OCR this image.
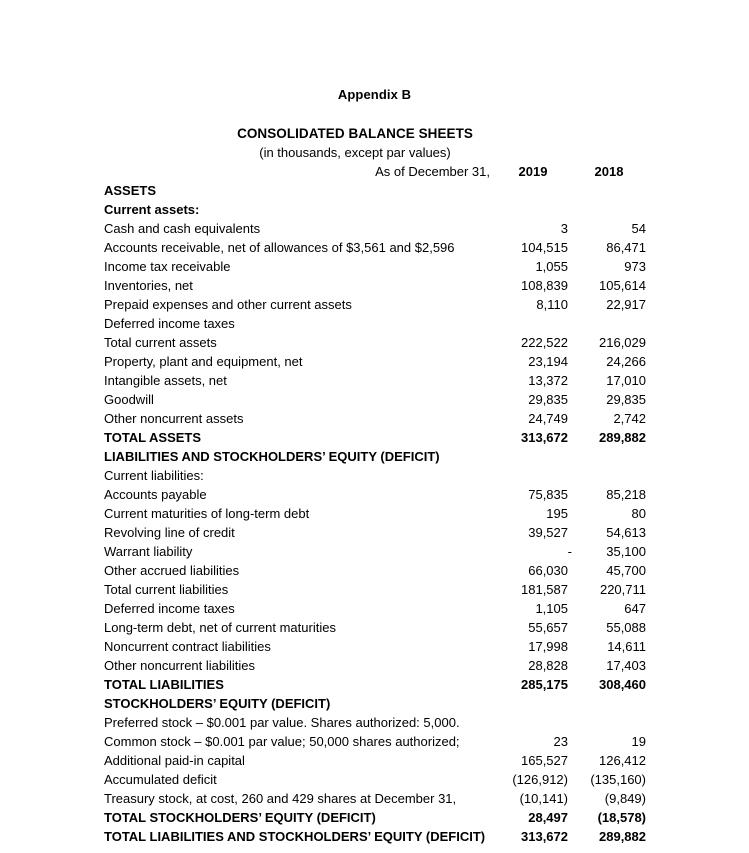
Appendix B
CONSOLIDATED BALANCE SHEETS
(in thousands, except par values)
As of December 31,	2019	2018
ASSETS		
Current assets:		
Cash and cash equivalents	3	54
Accounts receivable, net of allowances of $3,561 and $2,596	104,515	86,471
Income tax receivable	1,055	973
Inventories, net	108,839	105,614
Prepaid expenses and other current assets	8,110	22,917
Deferred income taxes		
Total current assets	222,522	216,029
Property, plant and equipment, net	23,194	24,266
Intangible assets, net	13,372	17,010
Goodwill	29,835	29,835
Other noncurrent assets	24,749	2,742
TOTAL ASSETS	313,672	289,882
LIABILITIES AND STOCKHOLDERS’ EQUITY (DEFICIT)		
Current liabilities:		
Accounts payable	75,835	85,218
Current maturities of long-term debt	195	80
Revolving line of credit	39,527	54,613
Warrant liability	-	35,100
Other accrued liabilities	66,030	45,700
Total current liabilities	181,587	220,711
Deferred income taxes	1,105	647
Long-term debt, net of current maturities	55,657	55,088
Noncurrent contract liabilities	17,998	14,611
Other noncurrent liabilities	28,828	17,403
TOTAL LIABILITIES	285,175	308,460
STOCKHOLDERS’ EQUITY (DEFICIT)		
Preferred stock – $0.001 par value. Shares authorized: 5,000.		
Common stock – $0.001 par value; 50,000 shares authorized;	23	19
Additional paid-in capital	165,527	126,412
Accumulated deficit	(126,912)	(135,160)
Treasury stock, at cost, 260 and 429 shares at December 31,	(10,141)	(9,849)
TOTAL STOCKHOLDERS’ EQUITY (DEFICIT)	28,497	(18,578)
TOTAL LIABILITIES AND STOCKHOLDERS’ EQUITY (DEFICIT)	313,672	289,882
